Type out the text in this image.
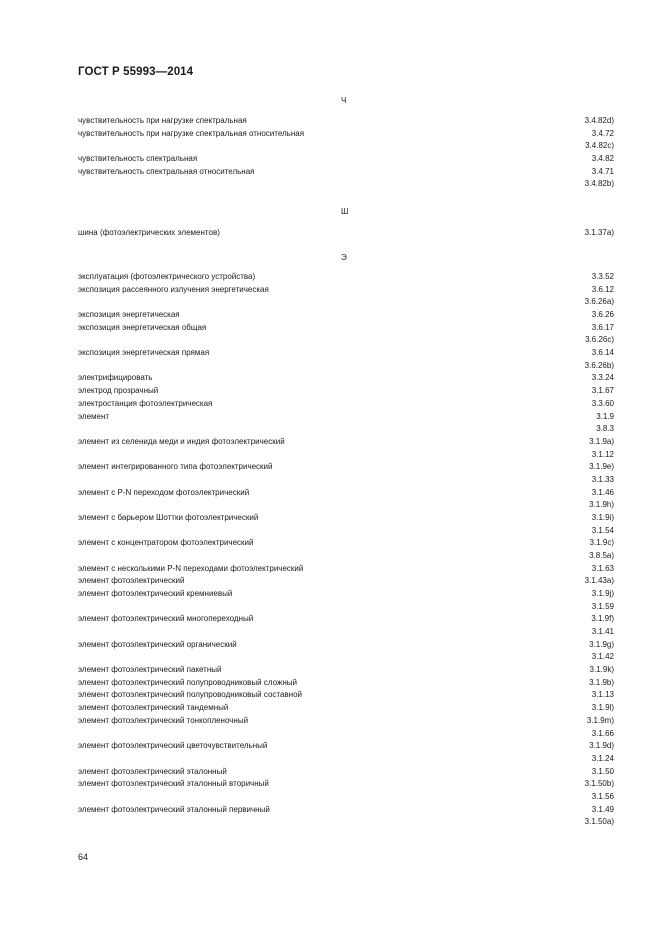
ГОСТ Р 55993—2014
Ч
чувствительность при нагрузке спектральная	3.4.82d)
чувствительность при нагрузке спектральная относительная	3.4.72
3.4.82c)
чувствительность спектральная	3.4.82
чувствительность спектральная относительная	3.4.71
3.4.82b)
Ш
шина (фотоэлектрических элементов)	3.1.37a)
Э
эксплуатация (фотоэлектрического устройства)	3.3.52
экспозиция рассеянного излучения энергетическая	3.6.12
3.6.26a)
экспозиция энергетическая	3.6.26
экспозиция энергетическая общая	3.6.17
3.6.26c)
экспозиция энергетическая прямая	3.6.14
3.6.26b)
электрифицировать	3.3.24
электрод прозрачный	3.1.67
электростанция фотоэлектрическая	3.3.60
элемент	3.1.9
3.8.3
элемент из селенида меди и индия фотоэлектрический	3.1.9a)
3.1.12
элемент интегрированного типа фотоэлектрический	3.1.9e)
3.1.33
элемент с P-N переходом фотоэлектрический	3.1.46
3.1.9h)
элемент с барьером Шоттки фотоэлектрический	3.1.9i)
3.1.54
элемент с концентратором фотоэлектрический	3.1.9c)
3.8.5a)
элемент с несколькими P-N переходами фотоэлектрический	3.1.63
элемент фотоэлектрический	3.1.43a)
элемент фотоэлектрический кремниевый	3.1.9j)
3.1.59
элемент фотоэлектрический многопереходный	3.1.9f)
3.1.41
элемент фотоэлектрический органический	3.1.9g)
3.1.42
элемент фотоэлектрический пакетный	3.1.9k)
элемент фотоэлектрический полупроводниковый сложный	3.1.9b)
элемент фотоэлектрический полупроводниковый составной	3.1.13
элемент фотоэлектрический тандемный	3.1.9l)
элемент фотоэлектрический тонкопленочный	3.1.9m)
3.1.66
элемент фотоэлектрический цветочувствительный	3.1.9d)
3.1.24
элемент фотоэлектрический эталонный	3.1.50
элемент фотоэлектрический эталонный вторичный	3.1.50b)
3.1.56
элемент фотоэлектрический эталонный первичный	3.1.49
3.1.50a)
64
